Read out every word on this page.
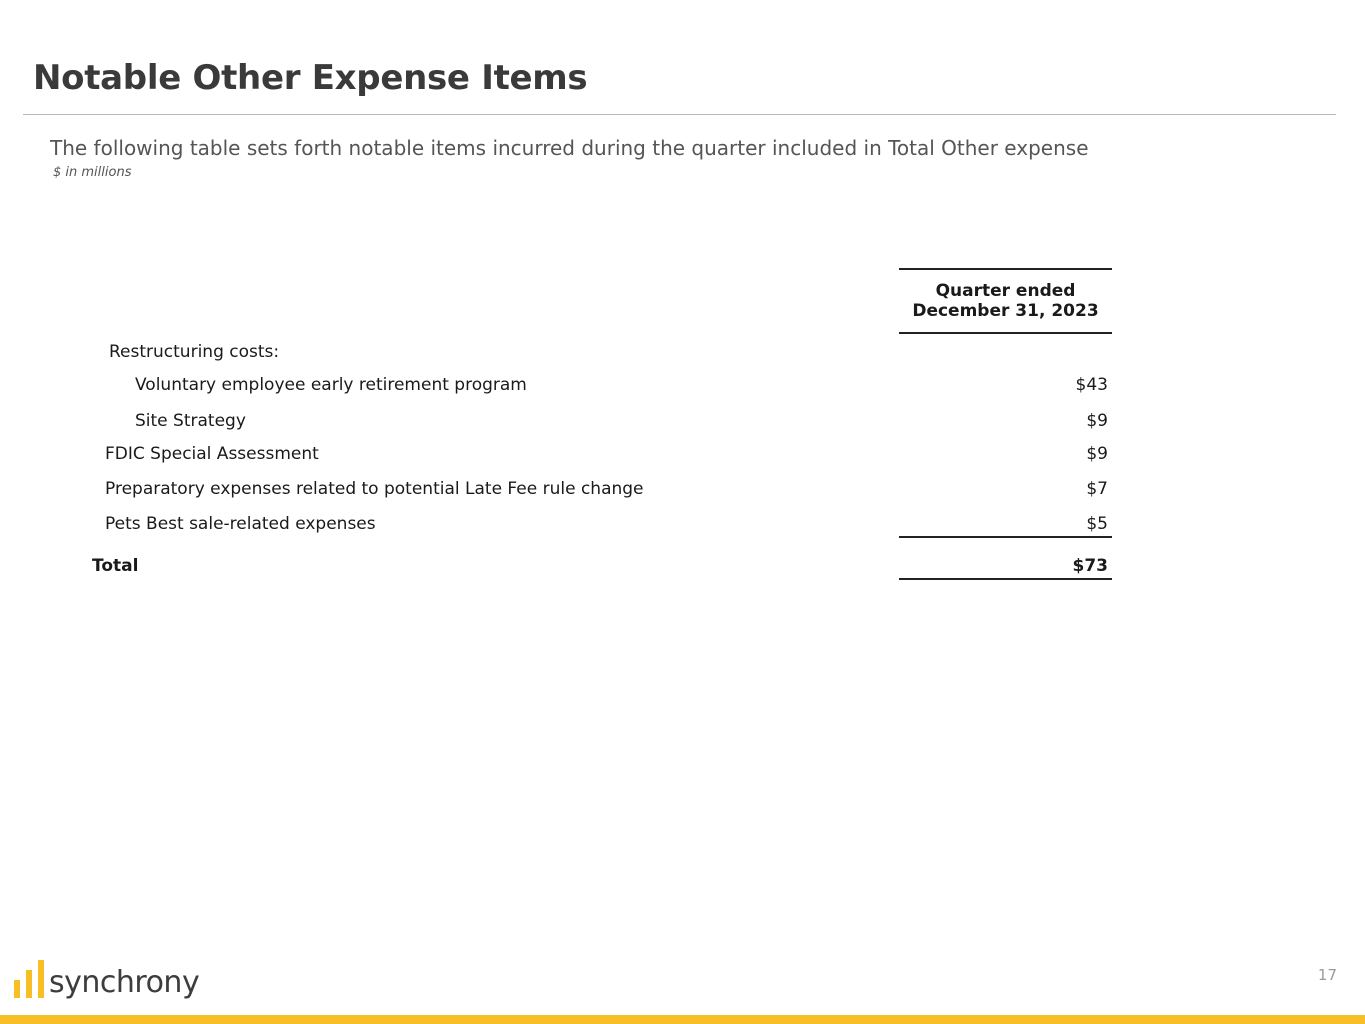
Notable Other Expense Items
The following table sets forth notable items incurred during the quarter included in Total Other expense
$ in millions
Quarter ended
December 31, 2023
Restructuring costs:
Voluntary employee early retirement program	$43
Site Strategy	$9
FDIC Special Assessment	$9
Preparatory expenses related to potential Late Fee rule change	$7
Pets Best sale-related expenses	$5
Total	$73
synchrony	17
